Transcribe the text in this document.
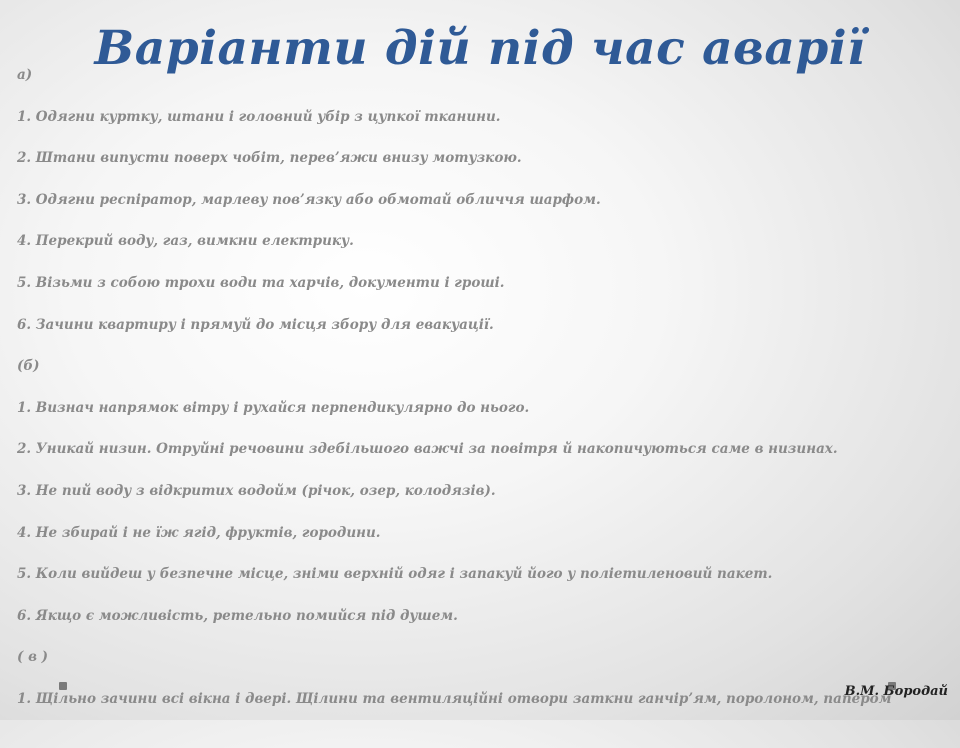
Варіанти дій під час аварії
а)
1. Одягни куртку, штани і головний убір з цупкої тканини.
2. Штани випусти поверх чобіт, перев’яжи внизу мотузкою.
3. Одягни респіратор, марлеву пов’язку або обмотай обличчя шарфом.
4. Перекрий воду, газ, вимкни електрику.
5. Візьми з собою трохи води та харчів, документи і гроші.
6. Зачини квартиру і прямуй до місця збору для евакуації.
(б)
1. Визнач напрямок вітру і рухайся перпендикулярно до нього.
2. Уникай низин. Отруйні речовини здебільшого важчі за повітря й накопичуються саме в низинах.
3. Не пий воду з відкритих водойм (річок, озер, колодязів).
4. Не збирай і не їж ягід, фруктів, городини.
5. Коли вийдеш у безпечне місце, зніми верхній одяг і запакуй його у поліетиленовий пакет.
6. Якщо є можливість, ретельно помийся під душем.
( в )
1. Щільно зачини всі вікна і двері. Щілини та вентиляційні отвори заткни ганчір’ям, поролоном, папером
В.М. Бородай
